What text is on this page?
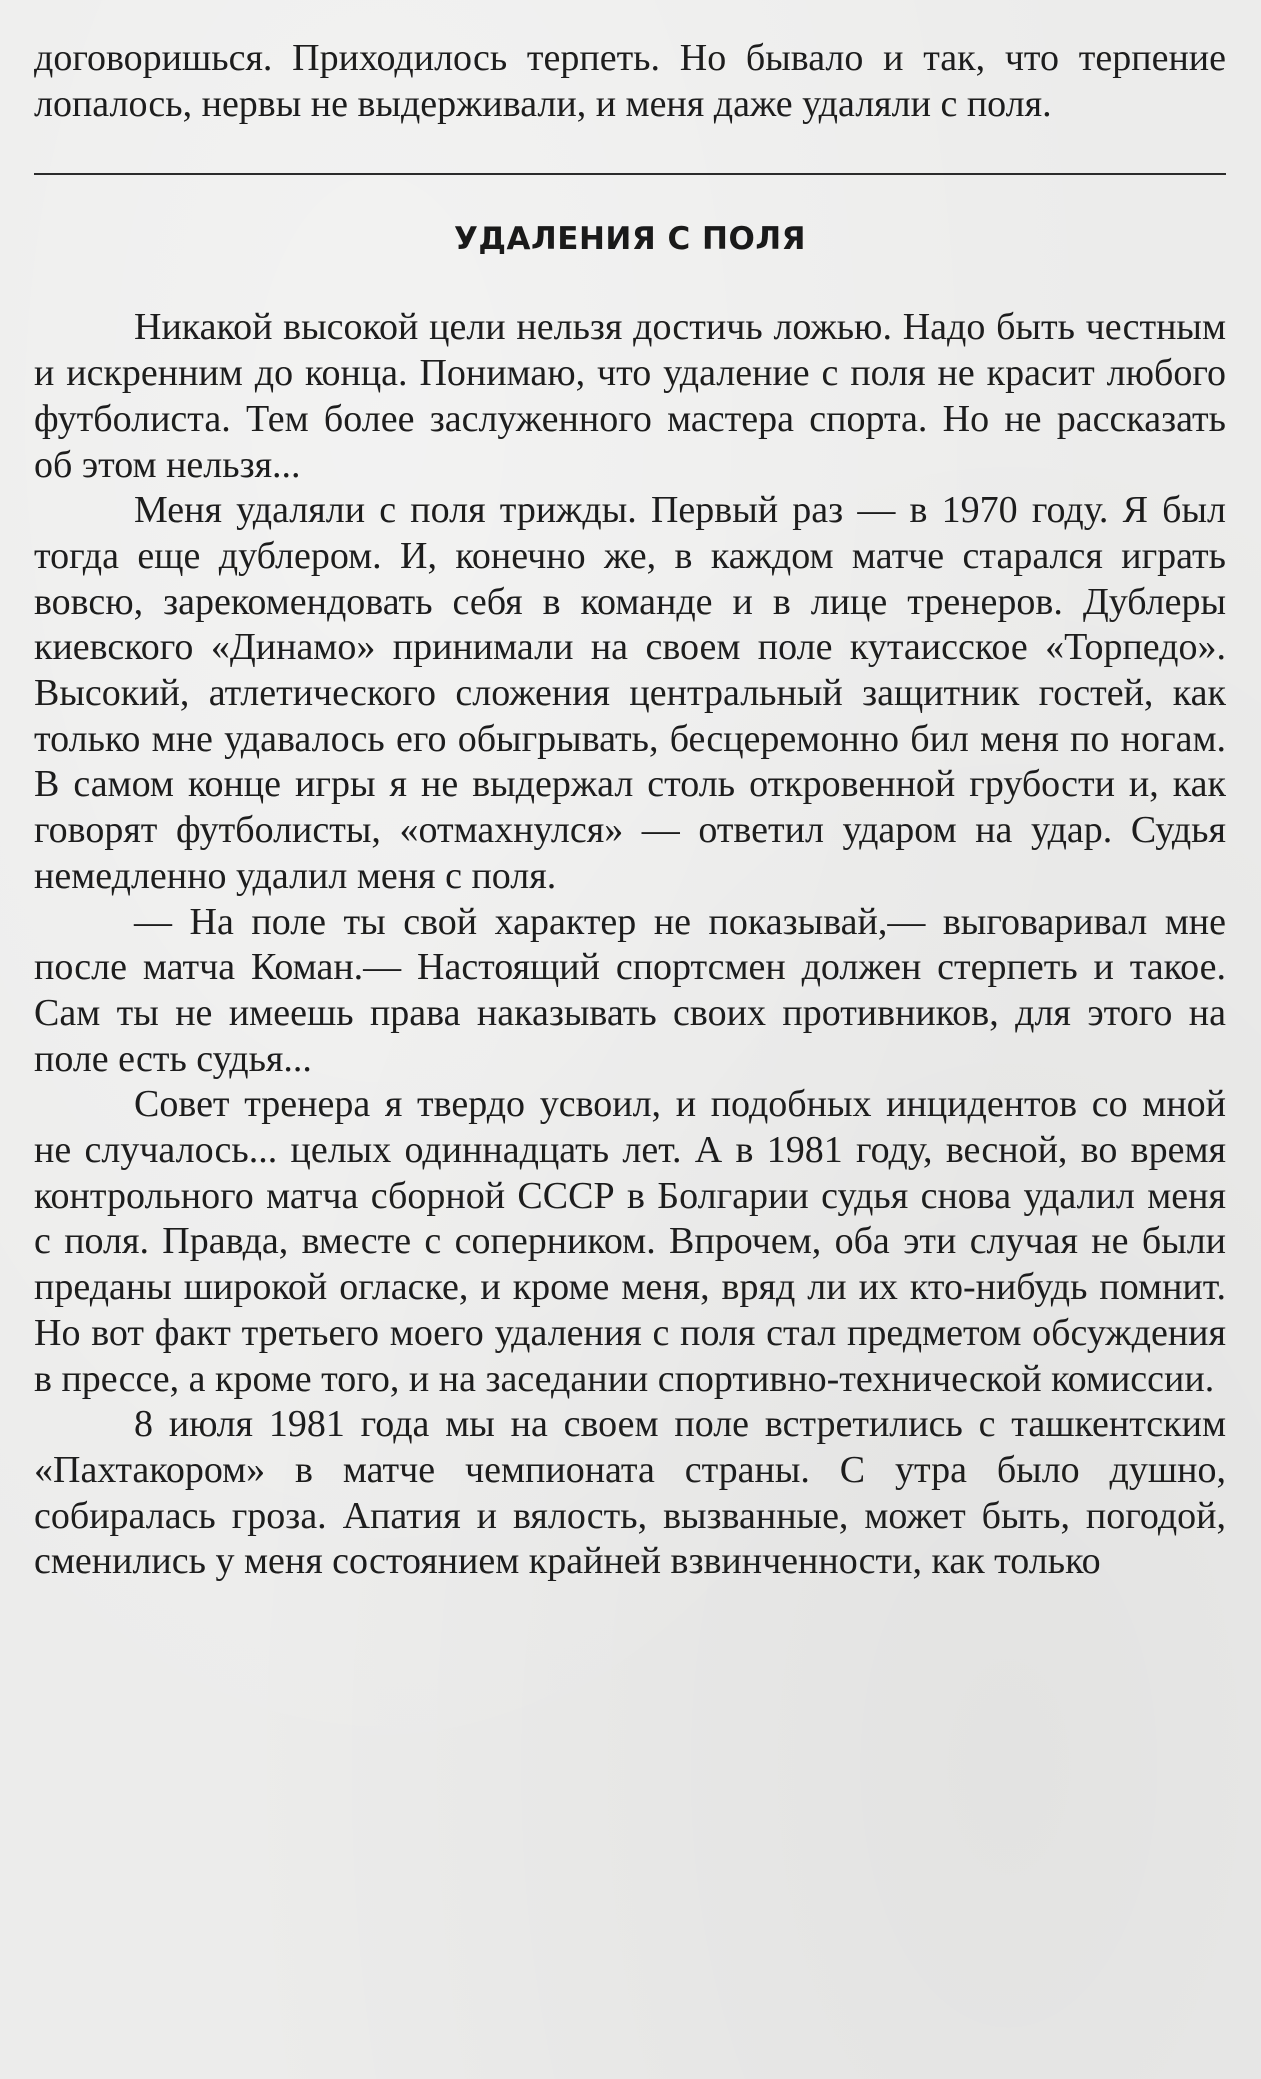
договоришься. Приходилось терпеть. Но бывало и так, что терпение лопалось, нервы не выдерживали, и меня даже удаляли с поля.

УДАЛЕНИЯ С ПОЛЯ

Никакой высокой цели нельзя достичь ложью. Надо быть честным и искренним до конца. Понимаю, что удаление с поля не красит любого футболиста. Тем более заслуженного мастера спорта. Но не рассказать об этом нельзя...

Меня удаляли с поля трижды. Первый раз — в 1970 году. Я был тогда еще дублером. И, конечно же, в каждом матче старался играть вовсю, зарекомендовать себя в команде и в лице тренеров. Дублеры киевского «Динамо» принимали на своем поле кутаисское «Торпедо». Высокий, атлетического сложения центральный защитник гостей, как только мне удавалось его обыгрывать, бесцеремонно бил меня по ногам. В самом конце игры я не выдержал столь откровенной грубости и, как говорят футболисты, «отмахнулся» — ответил ударом на удар. Судья немедленно удалил меня с поля.

— На поле ты свой характер не показывай,— выговаривал мне после матча Коман.— Настоящий спортсмен должен стерпеть и такое. Сам ты не имеешь права наказывать своих противников, для этого на поле есть судья...

Совет тренера я твердо усвоил, и подобных инцидентов со мной не случалось... целых одиннадцать лет. А в 1981 году, весной, во время контрольного матча сборной СССР в Болгарии судья снова удалил меня с поля. Правда, вместе с соперником. Впрочем, оба эти случая не были преданы широкой огласке, и кроме меня, вряд ли их кто-нибудь помнит. Но вот факт третьего моего удаления с поля стал предметом обсуждения в прессе, а кроме того, и на заседании спортивно-технической комиссии.

8 июля 1981 года мы на своем поле встретились с ташкентским «Пахтакором» в матче чемпионата страны. С утра было душно, собиралась гроза. Апатия и вялость, вызванные, может быть, погодой, сменились у меня состоянием крайней взвинченности, как только
